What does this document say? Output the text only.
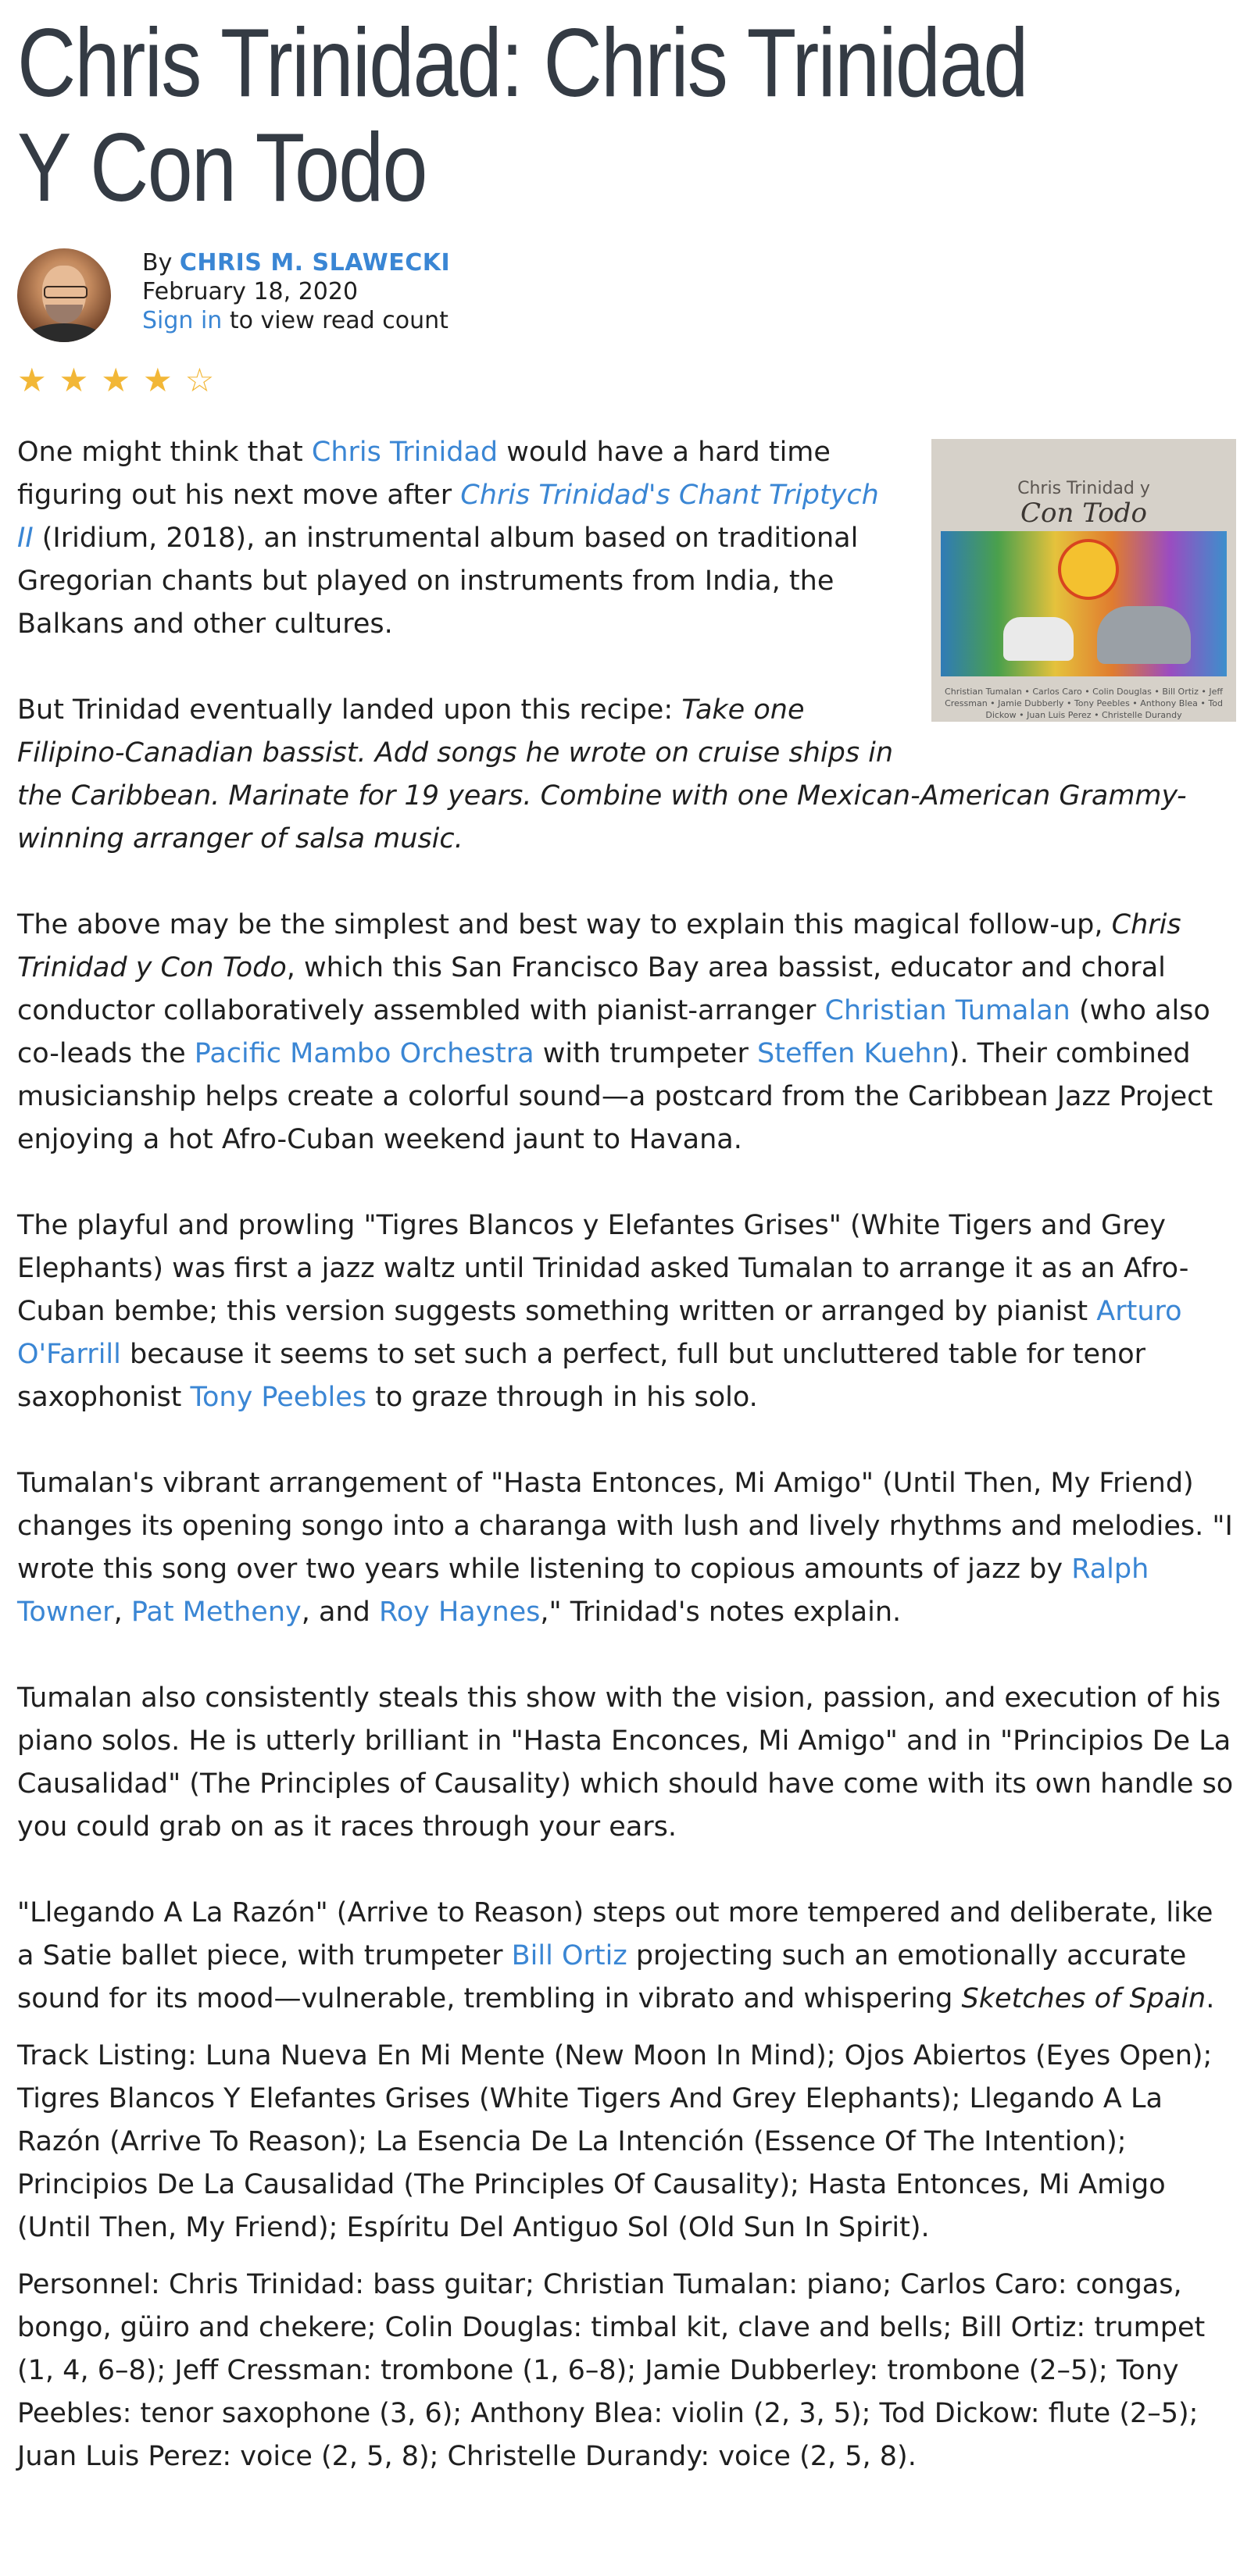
Chris Trinidad: Chris Trinidad Y Con Todo
By CHRIS M. SLAWECKI
February 18, 2020
Sign in to view read count
★ ★ ★ ★ ☆
Chris Trinidad y
Con Todo
Christian Tumalan • Carlos Caro • Colin Douglas • Bill Ortiz • Jeff Cressman • Jamie Dubberly • Tony Peebles • Anthony Blea • Tod Dickow • Juan Luis Perez • Christelle Durandy

One might think that Chris Trinidad would have a hard time figuring out his next move after Chris Trinidad's Chant Triptych II (Iridium, 2018), an instrumental album based on traditional Gregorian chants but played on instruments from India, the Balkans and other cultures.

But Trinidad eventually landed upon this recipe: Take one Filipino-Canadian bassist. Add songs he wrote on cruise ships in the Caribbean. Marinate for 19 years. Combine with one Mexican-American Grammy-winning arranger of salsa music.

The above may be the simplest and best way to explain this magical follow-up, Chris Trinidad y Con Todo, which this San Francisco Bay area bassist, educator and choral conductor collaboratively assembled with pianist-arranger Christian Tumalan (who also co-leads the Pacific Mambo Orchestra with trumpeter Steffen Kuehn). Their combined musicianship helps create a colorful sound—a postcard from the Caribbean Jazz Project enjoying a hot Afro-Cuban weekend jaunt to Havana.

The playful and prowling "Tigres Blancos y Elefantes Grises" (White Tigers and Grey Elephants) was first a jazz waltz until Trinidad asked Tumalan to arrange it as an Afro-Cuban bembe; this version suggests something written or arranged by pianist Arturo O'Farrill because it seems to set such a perfect, full but uncluttered table for tenor saxophonist Tony Peebles to graze through in his solo.

Tumalan's vibrant arrangement of "Hasta Entonces, Mi Amigo" (Until Then, My Friend) changes its opening songo into a charanga with lush and lively rhythms and melodies. "I wrote this song over two years while listening to copious amounts of jazz by Ralph Towner, Pat Metheny, and Roy Haynes," Trinidad's notes explain.

Tumalan also consistently steals this show with the vision, passion, and execution of his piano solos. He is utterly brilliant in "Hasta Enconces, Mi Amigo" and in "Principios De La Causalidad" (The Principles of Causality) which should have come with its own handle so you could grab on as it races through your ears.

"Llegando A La Razón" (Arrive to Reason) steps out more tempered and deliberate, like a Satie ballet piece, with trumpeter Bill Ortiz projecting such an emotionally accurate sound for its mood—vulnerable, trembling in vibrato and whispering Sketches of Spain.

Track Listing: Luna Nueva En Mi Mente (New Moon In Mind); Ojos Abiertos (Eyes Open); Tigres Blancos Y Elefantes Grises (White Tigers And Grey Elephants); Llegando A La Razón (Arrive To Reason); La Esencia De La Intención (Essence Of The Intention); Principios De La Causalidad (The Principles Of Causality); Hasta Entonces, Mi Amigo (Until Then, My Friend); Espíritu Del Antiguo Sol (Old Sun In Spirit).

Personnel: Chris Trinidad: bass guitar; Christian Tumalan: piano; Carlos Caro: congas, bongo, güiro and chekere; Colin Douglas: timbal kit, clave and bells; Bill Ortiz: trumpet (1, 4, 6–8); Jeff Cressman: trombone (1, 6–8); Jamie Dubberley: trombone (2–5); Tony Peebles: tenor saxophone (3, 6); Anthony Blea: violin (2, 3, 5); Tod Dickow: flute (2–5); Juan Luis Perez: voice (2, 5, 8); Christelle Durandy: voice (2, 5, 8).
